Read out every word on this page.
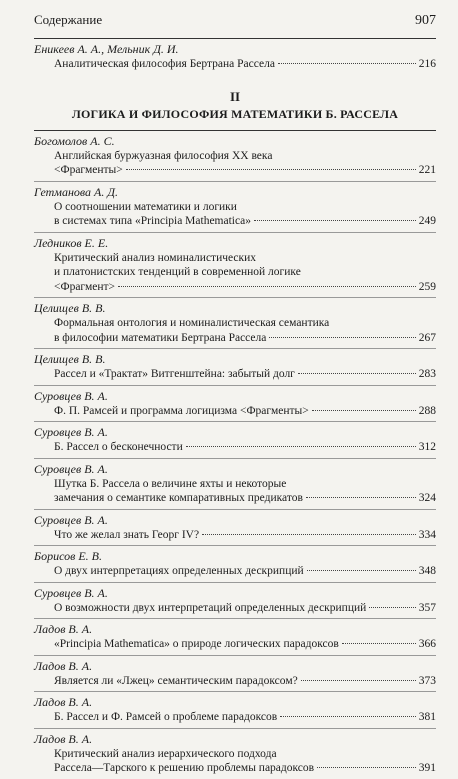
Содержание	907
Еникеев А. А., Мельник Д. И.
Аналитическая философия Бертрана Рассела	216
II
ЛОГИКА И ФИЛОСОФИЯ МАТЕМАТИКИ Б. РАССЕЛА
Богомолов А. С.
Английская буржуазная философия XX века
<Фрагменты>	221
Гетманова А. Д.
О соотношении математики и логики
в системах типа «Principia Mathematica»	249
Ледников Е. Е.
Критический анализ номиналистических
и платонистских тенденций в современной логике
<Фрагмент>	259
Целищев В. В.
Формальная онтология и номиналистическая семантика
в философии математики Бертрана Рассела	267
Целищев В. В.
Рассел и «Трактат» Витгенштейна: забытый долг	283
Суровцев В. А.
Ф. П. Рамсей и программа логицизма <Фрагменты>	288
Суровцев В. А.
Б. Рассел о бесконечности	312
Суровцев В. А.
Шутка Б. Рассела о величине яхты и некоторые
замечания о семантике компаративных предикатов	324
Суровцев В. А.
Что же желал знать Георг IV?	334
Борисов Е. В.
О двух интерпретациях определенных дескрипций	348
Суровцев В. А.
О возможности двух интерпретаций определенных дескрипций	357
Ладов В. А.
«Principia Mathematica» о природе логических парадоксов	366
Ладов В. А.
Является ли «Лжец» семантическим парадоксом?	373
Ладов В. А.
Б. Рассел и Ф. Рамсей о проблеме парадоксов	381
Ладов В. А.
Критический анализ иерархического подхода
Рассела—Тарского к решению проблемы парадоксов	391
